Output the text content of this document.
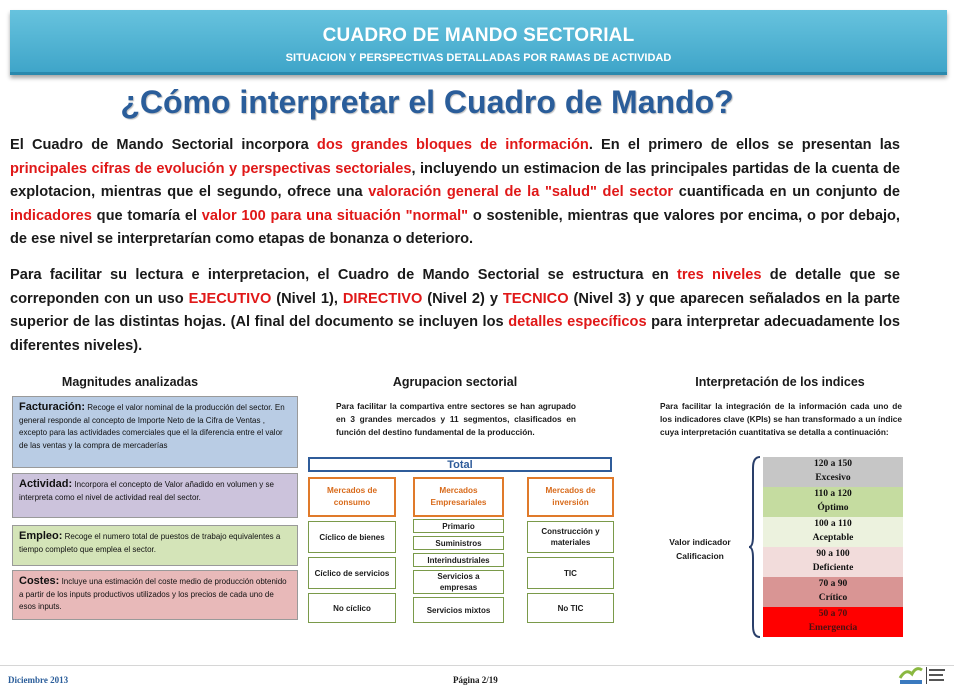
CUADRO DE MANDO SECTORIAL
SITUACION Y PERSPECTIVAS DETALLADAS POR RAMAS DE ACTIVIDAD
¿Cómo interpretar el Cuadro de Mando?
El Cuadro de Mando Sectorial incorpora dos grandes bloques de información. En el primero de ellos se presentan las principales cifras de evolución y perspectivas sectoriales, incluyendo un estimacion de las principales partidas de la cuenta de explotacion, mientras que el segundo, ofrece una valoración general de la "salud" del sector cuantificada en un conjunto de indicadores que tomaría el valor 100 para una situación "normal" o sostenible, mientras que valores por encima, o por debajo, de ese nivel se interpretarían como etapas de bonanza o deterioro.
Para facilitar su lectura e interpretacion, el Cuadro de Mando Sectorial se estructura en tres niveles de detalle que se correponden con un uso EJECUTIVO (Nivel 1), DIRECTIVO (Nivel 2) y TECNICO (Nivel 3) y que aparecen señalados en la parte superior de las distintas hojas. (Al final del documento se incluyen los detalles específicos para interpretar adecuadamente los diferentes niveles).
Magnitudes analizadas
Facturación: Recoge el valor nominal de la producción del sector. En general responde al concepto de Importe Neto de la Cifra de Ventas , excepto para las actividades comerciales que el la diferencia entre el valor de las ventas y la compra de mercaderías
Actividad: Incorpora el concepto de Valor añadido en volumen y se interpreta como el nivel de actividad real del sector.
Empleo: Recoge el numero total de puestos de trabajo equivalentes a tiempo completo que emplea el sector.
Costes: Incluye una estimación del coste medio de producción obtenido a partir de los inputs productivos utilizados y los precios de cada uno de esos inputs.
Agrupacion sectorial
Para facilitar la compartiva entre sectores se han agrupado en 3 grandes mercados y 11 segmentos, clasificados en función del destino fundamental de la producción.
Total
Mercados de consumo
Mercados Empresariales
Mercados de inversión
Cíclico de bienes
Cíclico de servicios
No cíclico
Primario
Suministros
Interindustriales
Servicios a empresas
Servicios mixtos
Construcción y materiales
TIC
No TIC
Interpretación de los indices
Para facilitar la integración de la información cada uno de los indicadores clave (KPIs) se han transformado a un índice cuya interpretación cuantitativa se detalla a continuación:
Valor indicador
Calificacion
120 a 150
Excesivo
110 a 120
Óptimo
100 a 110
Aceptable
90 a 100
Deficiente
70 a 90
Crítico
50 a 70
Emergencia
Diciembre 2013	Página 2/19
